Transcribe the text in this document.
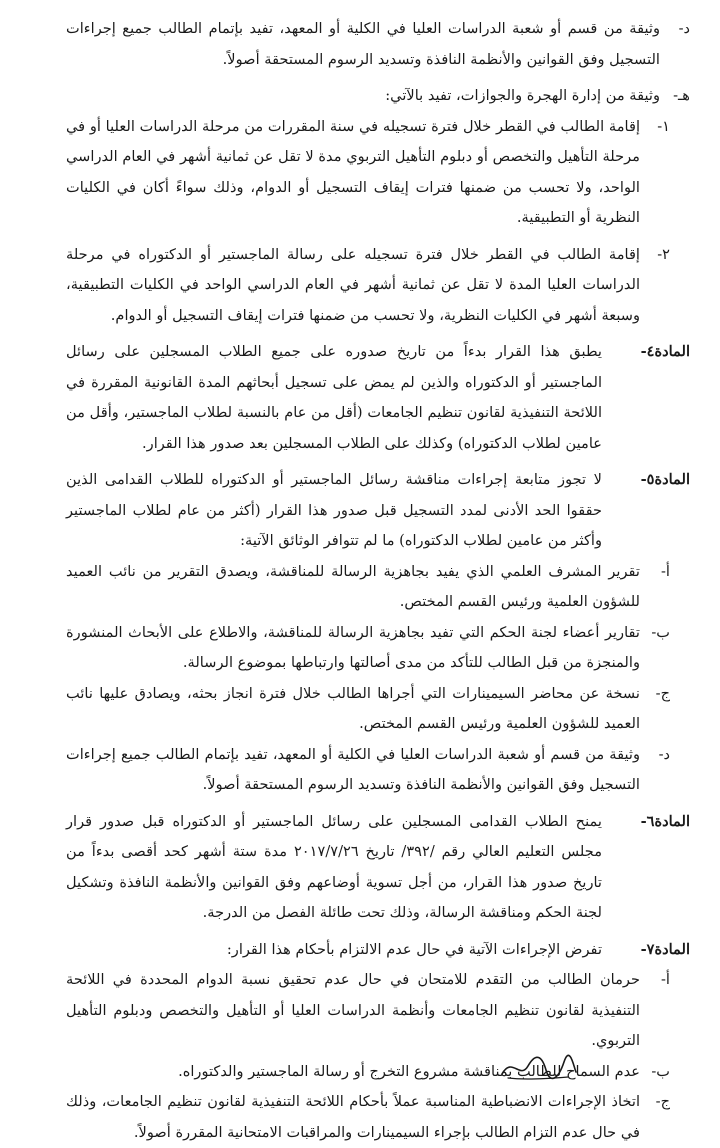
د-
وثيقة من قسم أو شعبة الدراسات العليا في الكلية أو المعهد، تفيد بإتمام الطالب جميع إجراءات التسجيل وفق القوانين والأنظمة النافذة وتسديد الرسوم المستحقة أصولاً.
هـ-
وثيقة من إدارة الهجرة والجوازات، تفيد بالآتي:
١-
إقامة الطالب في القطر خلال فترة تسجيله في سنة المقررات من مرحلة الدراسات العليا أو في مرحلة التأهيل والتخصص أو دبلوم التأهيل التربوي مدة لا تقل عن ثمانية أشهر في العام الدراسي الواحد، ولا تحسب من ضمنها فترات إيقاف التسجيل أو الدوام، وذلك سواءً أكان في الكليات النظرية أو التطبيقية.
٢-
إقامة الطالب في القطر خلال فترة تسجيله على رسالة الماجستير أو الدكتوراه في مرحلة الدراسات العليا المدة لا تقل عن ثمانية أشهر في العام الدراسي الواحد في الكليات التطبيقية، وسبعة أشهر في الكليات النظرية، ولا تحسب من ضمنها فترات إيقاف التسجيل أو الدوام.
المادة٤-
يطبق هذا القرار بدءاً من تاريخ صدوره على جميع الطلاب المسجلين على رسائل الماجستير أو الدكتوراه والذين لم يمض على تسجيل أبحاثهم المدة القانونية المقررة في اللائحة التنفيذية لقانون تنظيم الجامعات (أقل من عام بالنسبة لطلاب الماجستير، وأقل من عامين لطلاب الدكتوراه) وكذلك على الطلاب المسجلين بعد صدور هذا القرار.
المادة٥-
لا تجوز متابعة إجراءات مناقشة رسائل الماجستير أو الدكتوراه للطلاب القدامى الذين حققوا الحد الأدنى لمدد التسجيل قبل صدور هذا القرار (أكثر من عام لطلاب الماجستير وأكثر من عامين لطلاب الدكتوراه) ما لم تتوافر الوثائق الآتية:
أ-
تقرير المشرف العلمي الذي يفيد بجاهزية الرسالة للمناقشة، ويصدق التقرير من نائب العميد للشؤون العلمية ورئيس القسم المختص.
ب-
تقارير أعضاء لجنة الحكم التي تفيد بجاهزية الرسالة للمناقشة، والاطلاع على الأبحاث المنشورة والمنجزة من قبل الطالب للتأكد من مدى أصالتها وارتباطها بموضوع الرسالة.
ج-
نسخة عن محاضر السيمينارات التي أجراها الطالب خلال فترة انجاز بحثه، ويصادق عليها نائب العميد للشؤون العلمية ورئيس القسم المختص.
د-
وثيقة من قسم أو شعبة الدراسات العليا في الكلية أو المعهد، تفيد بإتمام الطالب جميع إجراءات التسجيل وفق القوانين والأنظمة النافذة وتسديد الرسوم المستحقة أصولاً.
المادة٦-
يمنح الطلاب القدامى المسجلين على رسائل الماجستير أو الدكتوراه قبل صدور قرار مجلس التعليم العالي رقم /٣٩٢/ تاريخ ٢٠١٧/٧/٢٦ مدة ستة أشهر كحد أقصى بدءاً من تاريخ صدور هذا القرار، من أجل تسوية أوضاعهم وفق القوانين والأنظمة النافذة وتشكيل لجنة الحكم ومناقشة الرسالة، وذلك تحت طائلة الفصل من الدرجة.
المادة٧-
تفرض الإجراءات الآتية في حال عدم الالتزام بأحكام هذا القرار:
أ-
حرمان الطالب من التقدم للامتحان في حال عدم تحقيق نسبة الدوام المحددة في اللائحة التنفيذية لقانون تنظيم الجامعات وأنظمة الدراسات العليا أو التأهيل والتخصص ودبلوم التأهيل التربوي.
ب-
عدم السماح للطالب بمناقشة مشروع التخرج أو رسالة الماجستير والدكتوراه.
ج-
اتخاذ الإجراءات الانضباطية المناسبة عملاً بأحكام اللائحة التنفيذية لقانون تنظيم الجامعات، وذلك في حال عدم التزام الطالب بإجراء السيمينارات والمراقبات الامتحانية المقررة أصولاً.
